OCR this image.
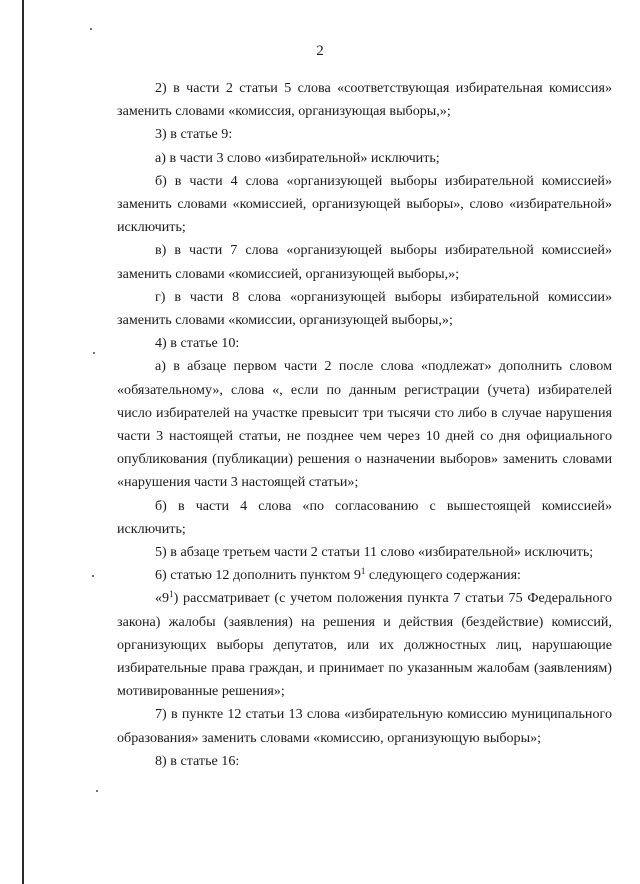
2

2) в части 2 статьи 5 слова «соответствующая избирательная комиссия» заменить словами «комиссия, организующая выборы,»;

3) в статье 9:

а) в части 3 слово «избирательной» исключить;

б) в части 4 слова «организующей выборы избирательной комиссией» заменить словами «комиссией, организующей выборы», слово «избирательной» исключить;

в) в части 7 слова «организующей выборы избирательной комиссией» заменить словами «комиссией, организующей выборы,»;

г) в части 8 слова «организующей выборы избирательной комиссии» заменить словами «комиссии, организующей выборы,»;

4) в статье 10:

а) в абзаце первом части 2 после слова «подлежат» дополнить словом «обязательному», слова «, если по данным регистрации (учета) избирателей число избирателей на участке превысит три тысячи сто либо в случае нарушения части 3 настоящей статьи, не позднее чем через 10 дней со дня официального опубликования (публикации) решения о назначении выборов» заменить словами «нарушения части 3 настоящей статьи»;

б) в части 4 слова «по согласованию с вышестоящей комиссией» исключить;

5) в абзаце третьем части 2 статьи 11 слово «избирательной» исключить;

6) статью 12 дополнить пунктом $9^1$ следующего содержания:

«$9^1$) рассматривает (с учетом положения пункта 7 статьи 75 Федерального закона) жалобы (заявления) на решения и действия (бездействие) комиссий, организующих выборы депутатов, или их должностных лиц, нарушающие избирательные права граждан, и принимает по указанным жалобам (заявлениям) мотивированные решения»;

7) в пункте 12 статьи 13 слова «избирательную комиссию муниципального образования» заменить словами «комиссию, организующую выборы»;

8) в статье 16:
